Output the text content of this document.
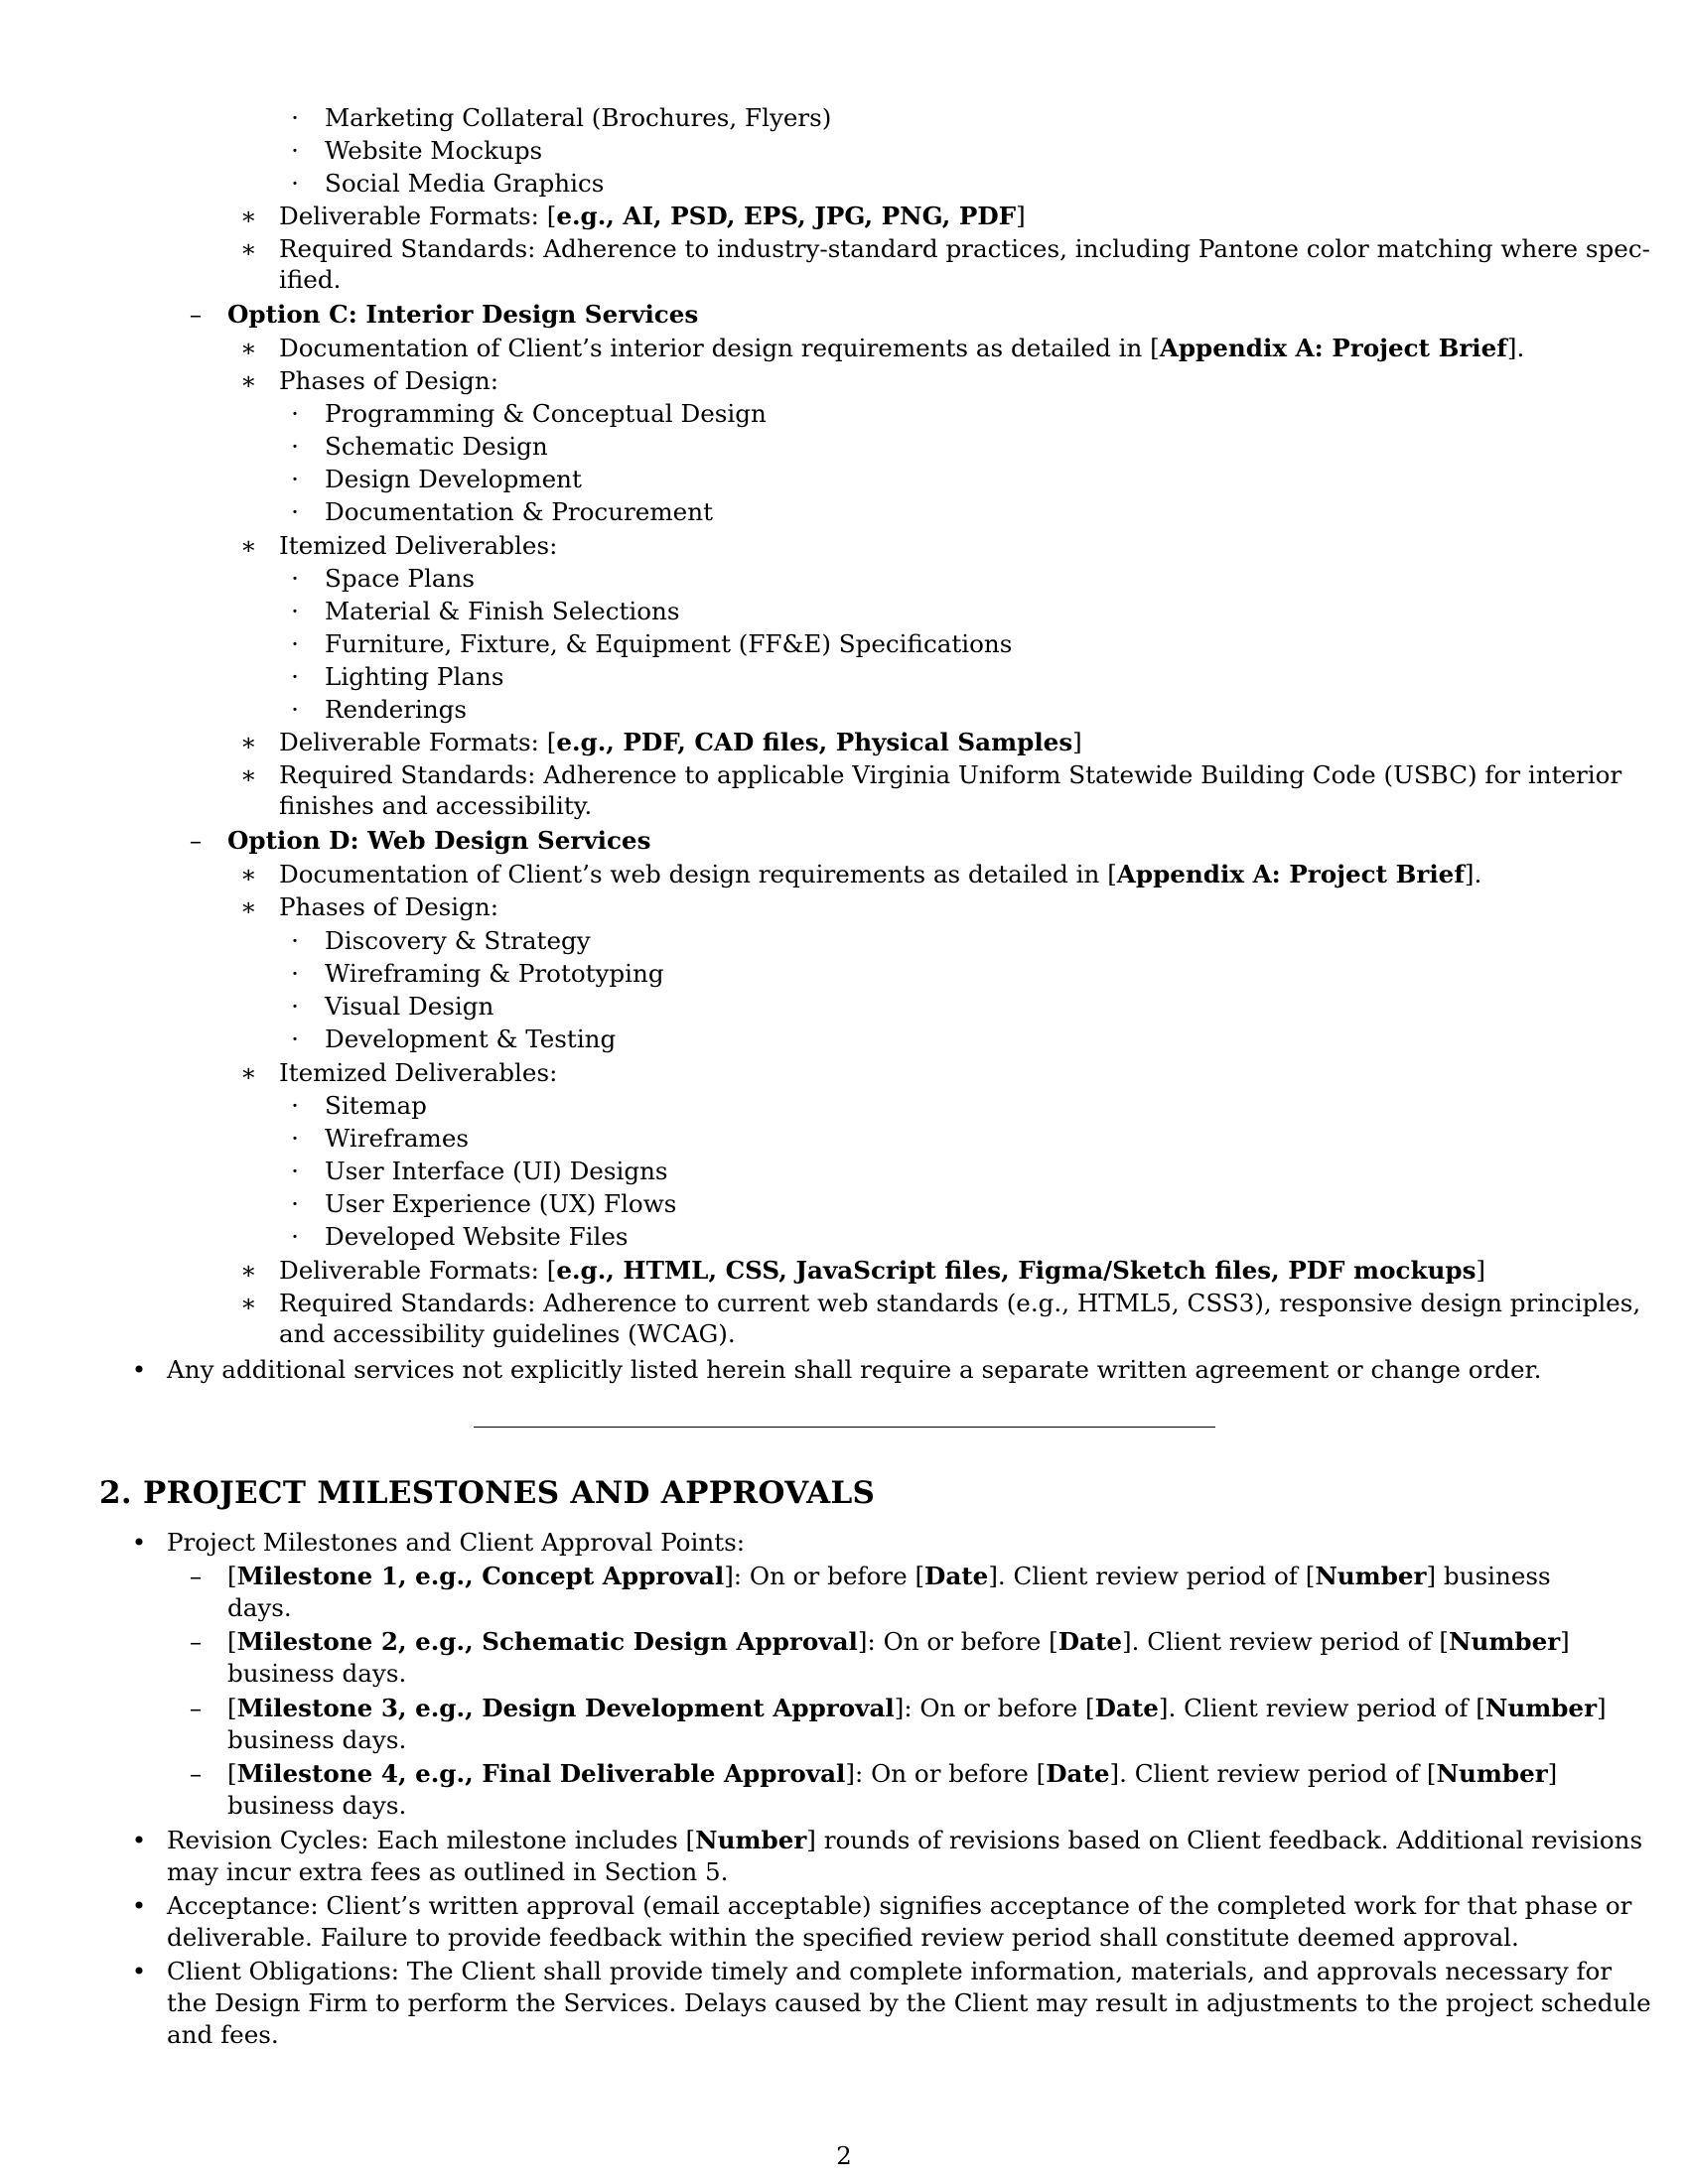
· Marketing Collateral (Brochures, Flyers)
· Website Mockups
· Social Media Graphics
∗ Deliverable Formats: [e.g., AI, PSD, EPS, JPG, PNG, PDF]
∗ Required Standards: Adherence to industry-standard practices, including Pantone color matching where spec-
ified.
– Option C: Interior Design Services
∗ Documentation of Client’s interior design requirements as detailed in [Appendix A: Project Brief].
∗ Phases of Design:
· Programming & Conceptual Design
· Schematic Design
· Design Development
· Documentation & Procurement
∗ Itemized Deliverables:
· Space Plans
· Material & Finish Selections
· Furniture, Fixture, & Equipment (FF&E) Specifications
· Lighting Plans
· Renderings
∗ Deliverable Formats: [e.g., PDF, CAD files, Physical Samples]
∗ Required Standards: Adherence to applicable Virginia Uniform Statewide Building Code (USBC) for interior
finishes and accessibility.
– Option D: Web Design Services
∗ Documentation of Client’s web design requirements as detailed in [Appendix A: Project Brief].
∗ Phases of Design:
· Discovery & Strategy
· Wireframing & Prototyping
· Visual Design
· Development & Testing
∗ Itemized Deliverables:
· Sitemap
· Wireframes
· User Interface (UI) Designs
· User Experience (UX) Flows
· Developed Website Files
∗ Deliverable Formats: [e.g., HTML, CSS, JavaScript files, Figma/Sketch files, PDF mockups]
∗ Required Standards: Adherence to current web standards (e.g., HTML5, CSS3), responsive design principles,
and accessibility guidelines (WCAG).
• Any additional services not explicitly listed herein shall require a separate written agreement or change order.
2. PROJECT MILESTONES AND APPROVALS
• Project Milestones and Client Approval Points:
– [Milestone 1, e.g., Concept Approval]: On or before [Date]. Client review period of [Number] business
days.
– [Milestone 2, e.g., Schematic Design Approval]: On or before [Date]. Client review period of [Number]
business days.
– [Milestone 3, e.g., Design Development Approval]: On or before [Date]. Client review period of [Number]
business days.
– [Milestone 4, e.g., Final Deliverable Approval]: On or before [Date]. Client review period of [Number]
business days.
• Revision Cycles: Each milestone includes [Number] rounds of revisions based on Client feedback. Additional revisions
may incur extra fees as outlined in Section 5.
• Acceptance: Client’s written approval (email acceptable) signifies acceptance of the completed work for that phase or
deliverable. Failure to provide feedback within the specified review period shall constitute deemed approval.
• Client Obligations: The Client shall provide timely and complete information, materials, and approvals necessary for
the Design Firm to perform the Services. Delays caused by the Client may result in adjustments to the project schedule
and fees.
2
